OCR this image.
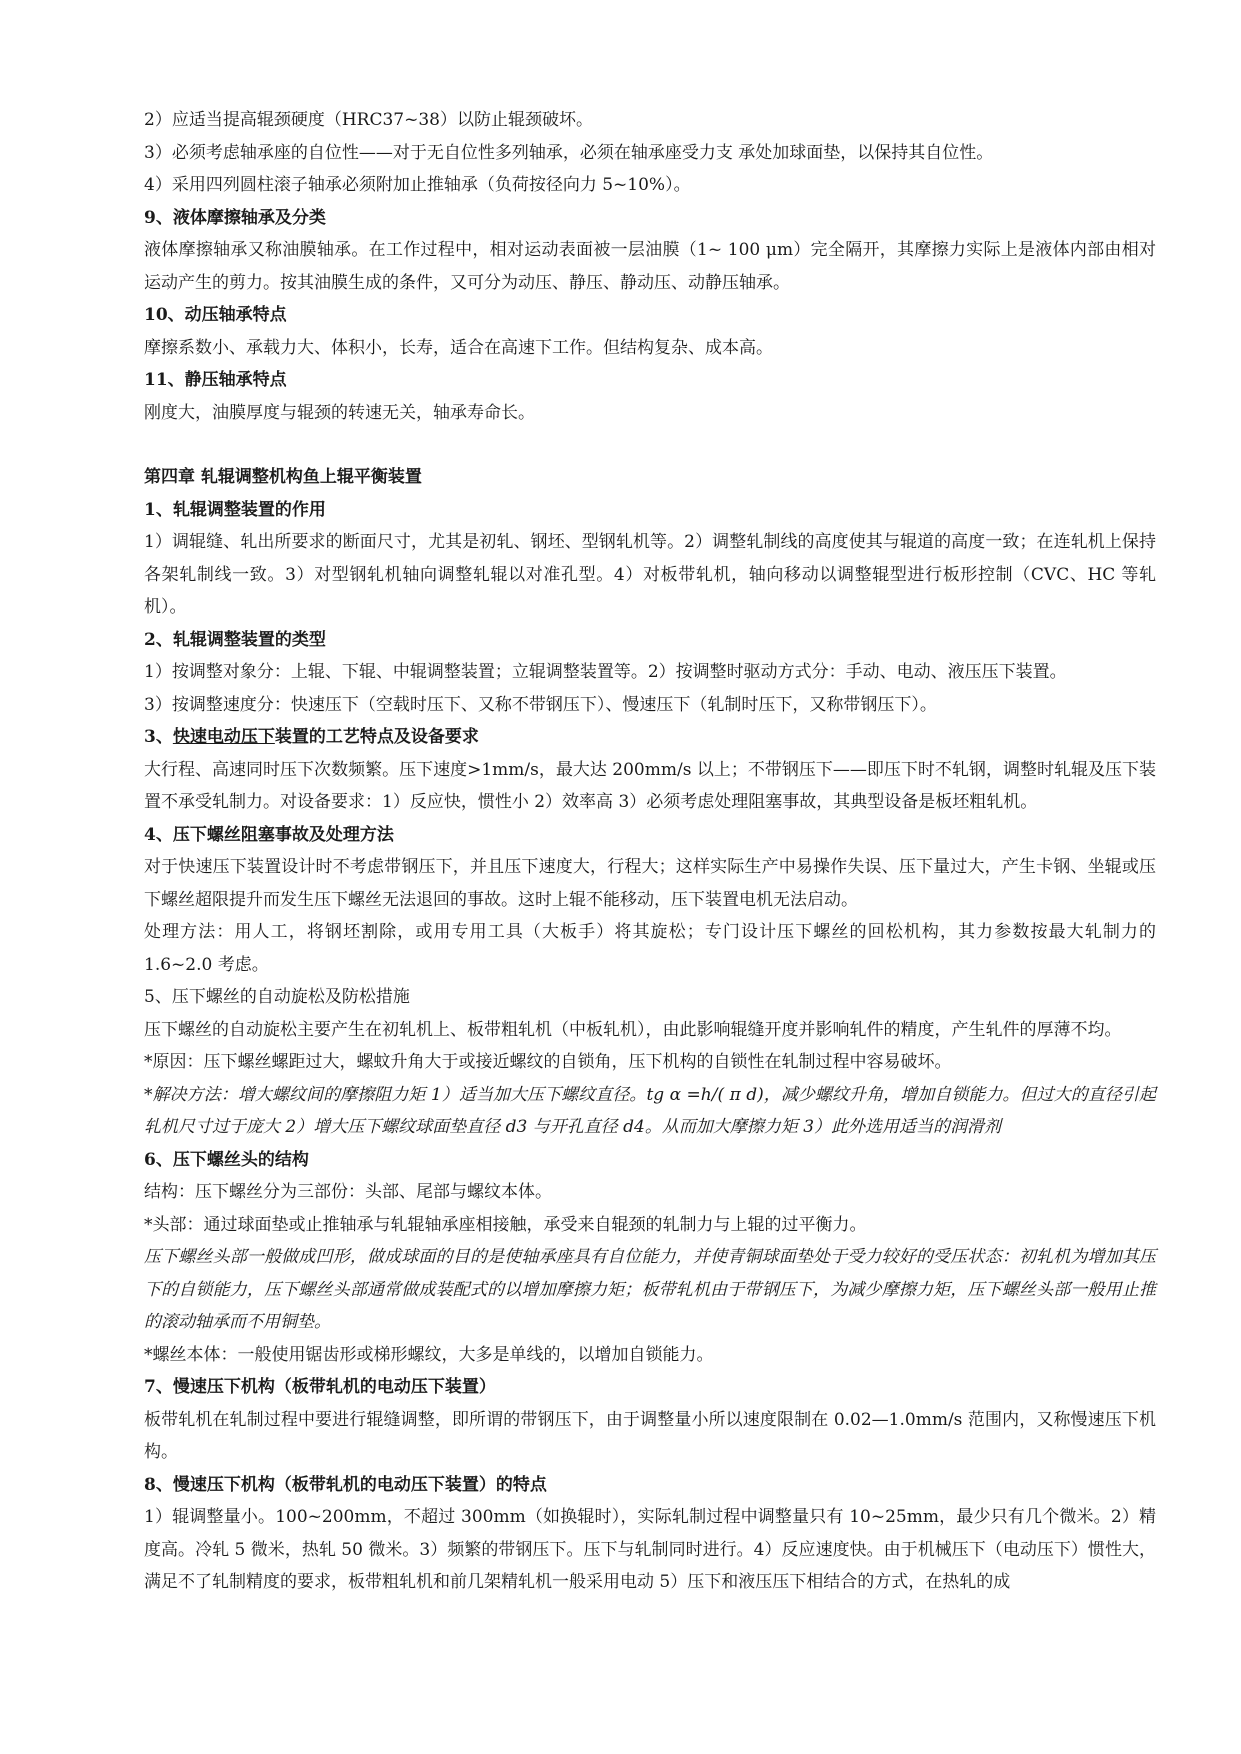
2）应适当提高辊颈硬度（HRC37~38）以防止辊颈破坏。

3）必须考虑轴承座的自位性——对于无自位性多列轴承，必须在轴承座受力支 承处加球面垫，以保持其自位性。

4）采用四列圆柱滚子轴承必须附加止推轴承（负荷按径向力 5~10%）。

9、液体摩擦轴承及分类

液体摩擦轴承又称油膜轴承。在工作过程中，相对运动表面被一层油膜（1~ 100 μm）完全隔开，其摩擦力实际上是液体内部由相对运动产生的剪力。按其油膜生成的条件，又可分为动压、静压、静动压、动静压轴承。

10、动压轴承特点

摩擦系数小、承载力大、体积小，长寿，适合在高速下工作。但结构复杂、成本高。

11、静压轴承特点

刚度大，油膜厚度与辊颈的转速无关，轴承寿命长。

第四章 轧辊调整机构鱼上辊平衡装置

1、轧辊调整装置的作用

1）调辊缝、轧出所要求的断面尺寸，尤其是初轧、钢坯、型钢轧机等。2）调整轧制线的高度使其与辊道的高度一致；在连轧机上保持各架轧制线一致。3）对型钢轧机轴向调整轧辊以对准孔型。4）对板带轧机，轴向移动以调整辊型进行板形控制（CVC、HC 等轧机）。

2、轧辊调整装置的类型

1）按调整对象分：上辊、下辊、中辊调整装置；立辊调整装置等。2）按调整时驱动方式分：手动、电动、液压压下装置。

3）按调整速度分：快速压下（空载时压下、又称不带钢压下）、慢速压下（轧制时压下，又称带钢压下）。

3、快速电动压下装置的工艺特点及设备要求

大行程、高速同时压下次数频繁。压下速度>1mm/s，最大达 200mm/s 以上；不带钢压下——即压下时不轧钢，调整时轧辊及压下装置不承受轧制力。对设备要求：1）反应快，惯性小 2）效率高 3）必须考虑处理阻塞事故，其典型设备是板坯粗轧机。

4、压下螺丝阻塞事故及处理方法

对于快速压下装置设计时不考虑带钢压下，并且压下速度大，行程大；这样实际生产中易操作失误、压下量过大，产生卡钢、坐辊或压下螺丝超限提升而发生压下螺丝无法退回的事故。这时上辊不能移动，压下装置电机无法启动。

处理方法：用人工，将钢坯割除，或用专用工具（大板手）将其旋松；专门设计压下螺丝的回松机构，其力参数按最大轧制力的 1.6~2.0 考虑。

5、压下螺丝的自动旋松及防松措施

压下螺丝的自动旋松主要产生在初轧机上、板带粗轧机（中板轧机），由此影响辊缝开度并影响轧件的精度，产生轧件的厚薄不均。

*原因：压下螺丝螺距过大，螺蚊升角大于或接近螺纹的自锁角，压下机构的自锁性在轧制过程中容易破坏。

*解决方法：增大螺纹间的摩擦阻力矩 1）适当加大压下螺纹直径。tg α =h/( π d)，减少螺纹升角，增加自锁能力。但过大的直径引起轧机尺寸过于庞大 2）增大压下螺纹球面垫直径 d3 与开孔直径 d4。从而加大摩擦力矩 3）此外选用适当的润滑剂

6、压下螺丝头的结构

结构：压下螺丝分为三部份：头部、尾部与螺纹本体。

*头部：通过球面垫或止推轴承与轧辊轴承座相接触，承受来自辊颈的轧制力与上辊的过平衡力。

压下螺丝头部一般做成凹形，做成球面的目的是使轴承座具有自位能力，并使青铜球面垫处于受力较好的受压状态：初轧机为增加其压下的自锁能力，压下螺丝头部通常做成装配式的以增加摩擦力矩；板带轧机由于带钢压下，为减少摩擦力矩，压下螺丝头部一般用止推的滚动轴承而不用铜垫。

*螺丝本体：一般使用锯齿形或梯形螺纹，大多是单线的，以增加自锁能力。

7、慢速压下机构（板带轧机的电动压下装置）

板带轧机在轧制过程中要进行辊缝调整，即所谓的带钢压下，由于调整量小所以速度限制在 0.02—1.0mm/s 范围内，又称慢速压下机构。

8、慢速压下机构（板带轧机的电动压下装置）的特点

1）辊调整量小。100~200mm，不超过 300mm（如换辊时），实际轧制过程中调整量只有 10~25mm，最少只有几个微米。2）精度高。冷轧 5 微米，热轧 50 微米。3）频繁的带钢压下。压下与轧制同时进行。4）反应速度快。由于机械压下（电动压下）惯性大，满足不了轧制精度的要求，板带粗轧机和前几架精轧机一般采用电动 5）压下和液压压下相结合的方式，在热轧的成
